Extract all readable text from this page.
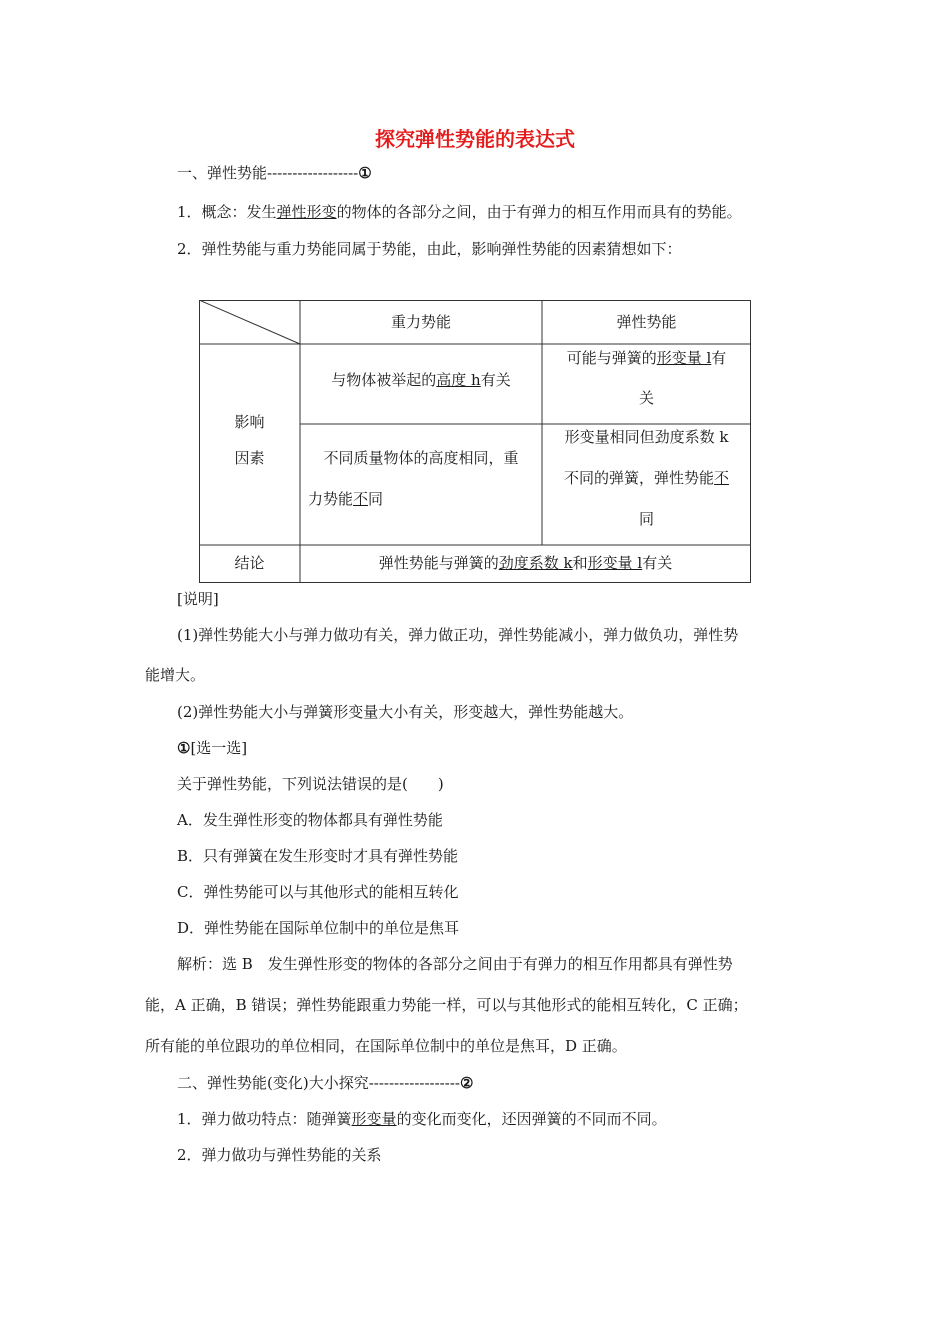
探究弹性势能的表达式
一、弹性势能------------------①
1．概念：发生弹性形变的物体的各部分之间，由于有弹力的相互作用而具有的势能。
2．弹性势能与重力势能同属于势能，由此，影响弹性势能的因素猜想如下：
重力势能	弹性势能
影响
因素
与物体被举起的高度 h有关
可能与弹簧的形变量 l有
关
不同质量物体的高度相同，重
力势能不同
形变量相同但劲度系数 k
不同的弹簧，弹性势能不
同
结论	弹性势能与弹簧的劲度系数 k和形变量 l有关
[说明]
(1)弹性势能大小与弹力做功有关，弹力做正功，弹性势能减小，弹力做负功，弹性势
能增大。
(2)弹性势能大小与弹簧形变量大小有关，形变越大，弹性势能越大。
①[选一选]
关于弹性势能，下列说法错误的是(　　)
A．发生弹性形变的物体都具有弹性势能
B．只有弹簧在发生形变时才具有弹性势能
C．弹性势能可以与其他形式的能相互转化
D．弹性势能在国际单位制中的单位是焦耳
解析：选 B　发生弹性形变的物体的各部分之间由于有弹力的相互作用都具有弹性势
能，A 正确，B 错误；弹性势能跟重力势能一样，可以与其他形式的能相互转化，C 正确；
所有能的单位跟功的单位相同，在国际单位制中的单位是焦耳，D 正确。
二、弹性势能(变化)大小探究------------------②
1．弹力做功特点：随弹簧形变量的变化而变化，还因弹簧的不同而不同。
2．弹力做功与弹性势能的关系
